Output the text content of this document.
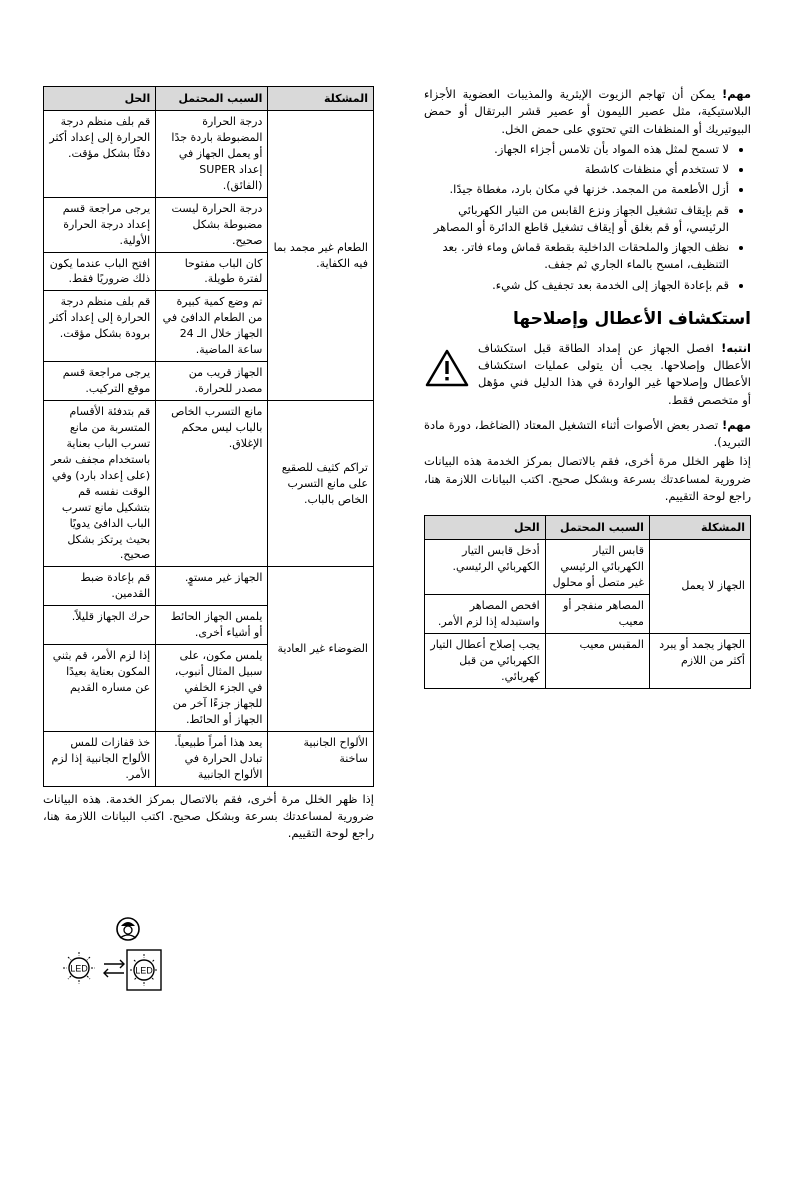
مهم! يمكن أن تهاجم الزيوت الإيثرية والمذيبات العضوية الأجزاء البلاستيكية، مثل عصير الليمون أو عصير قشر البرتقال أو حمض البيوتيريك أو المنظفات التي تحتوي على حمض الخل.

• لا تسمح لمثل هذه المواد بأن تلامس أجزاء الجهاز.
• لا تستخدم أي منظفات كاشطة
• أزل الأطعمة من المجمد. خزنها في مكان بارد، مغطاة جيدًا.
• قم بإيقاف تشغيل الجهاز ونزع القابس من التيار الكهربائي الرئيسي، أو قم بغلق أو إيقاف تشغيل قاطع الدائرة أو المصاهر
• نظف الجهاز والملحقات الداخلية بقطعة قماش وماء فاتر. بعد التنظيف، امسح بالماء الجاري ثم جفف.
• قم بإعادة الجهاز إلى الخدمة بعد تجفيف كل شيء.
استكشاف الأعطال وإصلاحها

انتبه! افصل الجهاز عن إمداد الطاقة قبل استكشاف الأعطال وإصلاحها. يجب أن يتولى عمليات استكشاف الأعطال وإصلاحها غير الواردة في هذا الدليل فني مؤهل أو متخصص فقط.

مهم! تصدر بعض الأصوات أثناء التشغيل المعتاد (الضاغط، دورة مادة التبريد).

إذا ظهر الخلل مرة أخرى، فقم بالاتصال بمركز الخدمة هذه البيانات ضرورية لمساعدتك بسرعة وبشكل صحيح. اكتب البيانات اللازمة هنا، راجع لوحة التقييم.

المشكلة	السبب المحتمل	الحل
الجهاز لا يعمل	قابس التيار الكهربائي الرئيسي غير متصل أو محلول	أدخل قابس التيار الكهربائي الرئيسي.
	المصاهر منفجر أو معيب	افحص المصاهر واستبدله إذا لزم الأمر.
الجهاز يجمد أو يبرد أكثر من اللازم	المقبس معيب	يجب إصلاح أعطال التيار الكهربائي من قبل كهربائي.
المشكلة	السبب المحتمل	الحل
الطعام غير مجمد بما فيه الكفاية.	درجة الحرارة المضبوطة باردة جدًا أو يعمل الجهاز في إعداد SUPER (الفائق).	قم بلف منظم درجة الحرارة إلى إعداد أكثر دفئًا بشكل مؤقت.
	درجة الحرارة ليست مضبوطة بشكل صحيح.	يرجى مراجعة قسم إعداد درجة الحرارة الأولية.
	كان الباب مفتوحا لفترة طويلة.	افتح الباب عندما يكون ذلك ضروريًا فقط.
	تم وضع كمية كبيرة من الطعام الدافئ في الجهاز خلال الـ 24 ساعة الماضية.	قم بلف منظم درجة الحرارة إلى إعداد أكثر برودة بشكل مؤقت.
	الجهاز قريب من مصدر للحرارة.	يرجى مراجعة قسم موقع التركيب.
تراكم كثيف للصقيع على مانع التسرب الخاص بالباب.	مانع التسرب الخاص بالباب ليس محكم الإغلاق.	قم بتدفئة الأقسام المتسربة من مانع تسرب الباب بعناية باستخدام مجفف شعر (على إعداد بارد) وفي الوقت نفسه قم بتشكيل مانع تسرب الباب الدافئ يدويًا بحيث يرتكز بشكل صحيح.
الضوضاء غير العادية	الجهاز غير مستوٍ.	قم بإعادة ضبط القدمين.
	يلمس الجهاز الحائط أو أشياء أخرى.	حرك الجهاز قليلاً.
	يلمس مكون، على سبيل المثال أنبوب، في الجزء الخلفي للجهاز جزءًا آخر من الجهاز أو الحائط.	إذا لزم الأمر، قم بثني المكون بعناية بعيدًا عن مساره القديم
الألواح الجانبية ساخنة	يعد هذا أمراً طبيعياً. تبادل الحرارة في الألواح الجانبية	خذ قفازات للمس الألواح الجانبية إذا لزم الأمر.

إذا ظهر الخلل مرة أخرى، فقم بالاتصال بمركز الخدمة. هذه البيانات ضرورية لمساعدتك بسرعة وبشكل صحيح. اكتب البيانات اللازمة هنا، راجع لوحة التقييم.

LED	LED
